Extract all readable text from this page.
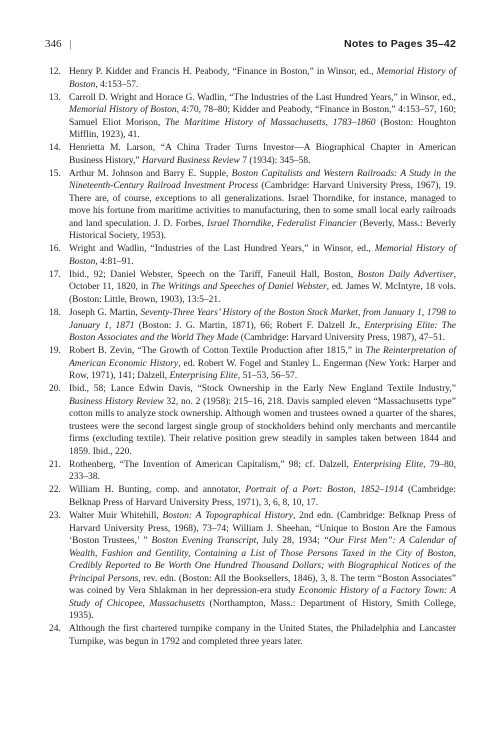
346 |	Notes to Pages 35–42
12. Henry P. Kidder and Francis H. Peabody, “Finance in Boston,” in Winsor, ed., Memorial History of Boston, 4:153–57.
13. Carroll D. Wright and Horace G. Wadlin, “The Industries of the Last Hundred Years,” in Winsor, ed., Memorial History of Boston, 4:70, 78–80; Kidder and Peabody, “Finance in Boston,” 4:153–57, 160; Samuel Eliot Morison, The Maritime History of Massachusetts, 1783–1860 (Boston: Houghton Mifflin, 1923), 41.
14. Henrietta M. Larson, “A China Trader Turns Investor—A Biographical Chapter in American Business History,” Harvard Business Review 7 (1934): 345–58.
15. Arthur M. Johnson and Barry E. Supple, Boston Capitalists and Western Railroads: A Study in the Nineteenth-Century Railroad Investment Process (Cambridge: Harvard University Press, 1967), 19. There are, of course, exceptions to all generalizations. Israel Thorndike, for instance, managed to move his fortune from maritime activities to manufacturing, then to some small local early railroads and land speculation. J. D. Forbes, Israel Thorndike, Federalist Financier (Beverly, Mass.: Beverly Historical Society, 1953).
16. Wright and Wadlin, “Industries of the Last Hundred Years,” in Winsor, ed., Memorial History of Boston, 4:81–91.
17. Ibid., 92; Daniel Webster, Speech on the Tariff, Faneuil Hall, Boston, Boston Daily Advertiser, October 11, 1820, in The Writings and Speeches of Daniel Webster, ed. James W. McIntyre, 18 vols. (Boston: Little, Brown, 1903), 13:5–21.
18. Joseph G. Martin, Seventy-Three Years’ History of the Boston Stock Market, from January 1, 1798 to January 1, 1871 (Boston: J. G. Martin, 1871), 66; Robert F. Dalzell Jr., Enterprising Elite: The Boston Associates and the World They Made (Cambridge: Harvard University Press, 1987), 47–51.
19. Robert B. Zevin, “The Growth of Cotton Textile Production after 1815,” in The Reinterpretation of American Economic History, ed. Robert W. Fogel and Stanley L. Engerman (New York: Harper and Row, 1971), 141; Dalzell, Enterprising Elite, 51–53, 56–57.
20. Ibid., 58; Lance Edwin Davis, “Stock Ownership in the Early New England Textile Industry,” Business History Review 32, no. 2 (1958): 215–16, 218. Davis sampled eleven “Massachusetts type” cotton mills to analyze stock ownership. Although women and trustees owned a quarter of the shares, trustees were the second largest single group of stockholders behind only merchants and mercantile firms (excluding textile). Their relative position grew steadily in samples taken between 1844 and 1859. Ibid., 220.
21. Rothenberg, “The Invention of American Capitalism,” 98; cf. Dalzell, Enterprising Elite, 79–80, 233–38.
22. William H. Bunting, comp. and annotator, Portrait of a Port: Boston, 1852–1914 (Cambridge: Belknap Press of Harvard University Press, 1971), 3, 6, 8, 10, 17.
23. Walter Muir Whitehill, Boston: A Topographical History, 2nd edn. (Cambridge: Belknap Press of Harvard University Press, 1968), 73–74; William J. Sheehan, “Unique to Boston Are the Famous ‘Boston Trustees,’ ” Boston Evening Transcript, July 28, 1934; “Our First Men”: A Calendar of Wealth, Fashion and Gentility, Containing a List of Those Persons Taxed in the City of Boston, Credibly Reported to Be Worth One Hundred Thousand Dollars; with Biographical Notices of the Principal Persons, rev. edn. (Boston: All the Booksellers, 1846), 3, 8. The term “Boston Associates” was coined by Vera Shlakman in her depression-era study Economic History of a Factory Town: A Study of Chicopee, Massachusetts (Northampton, Mass.: Department of History, Smith College, 1935).
24. Although the first chartered turnpike company in the United States, the Philadelphia and Lancaster Turnpike, was begun in 1792 and completed three years later.
